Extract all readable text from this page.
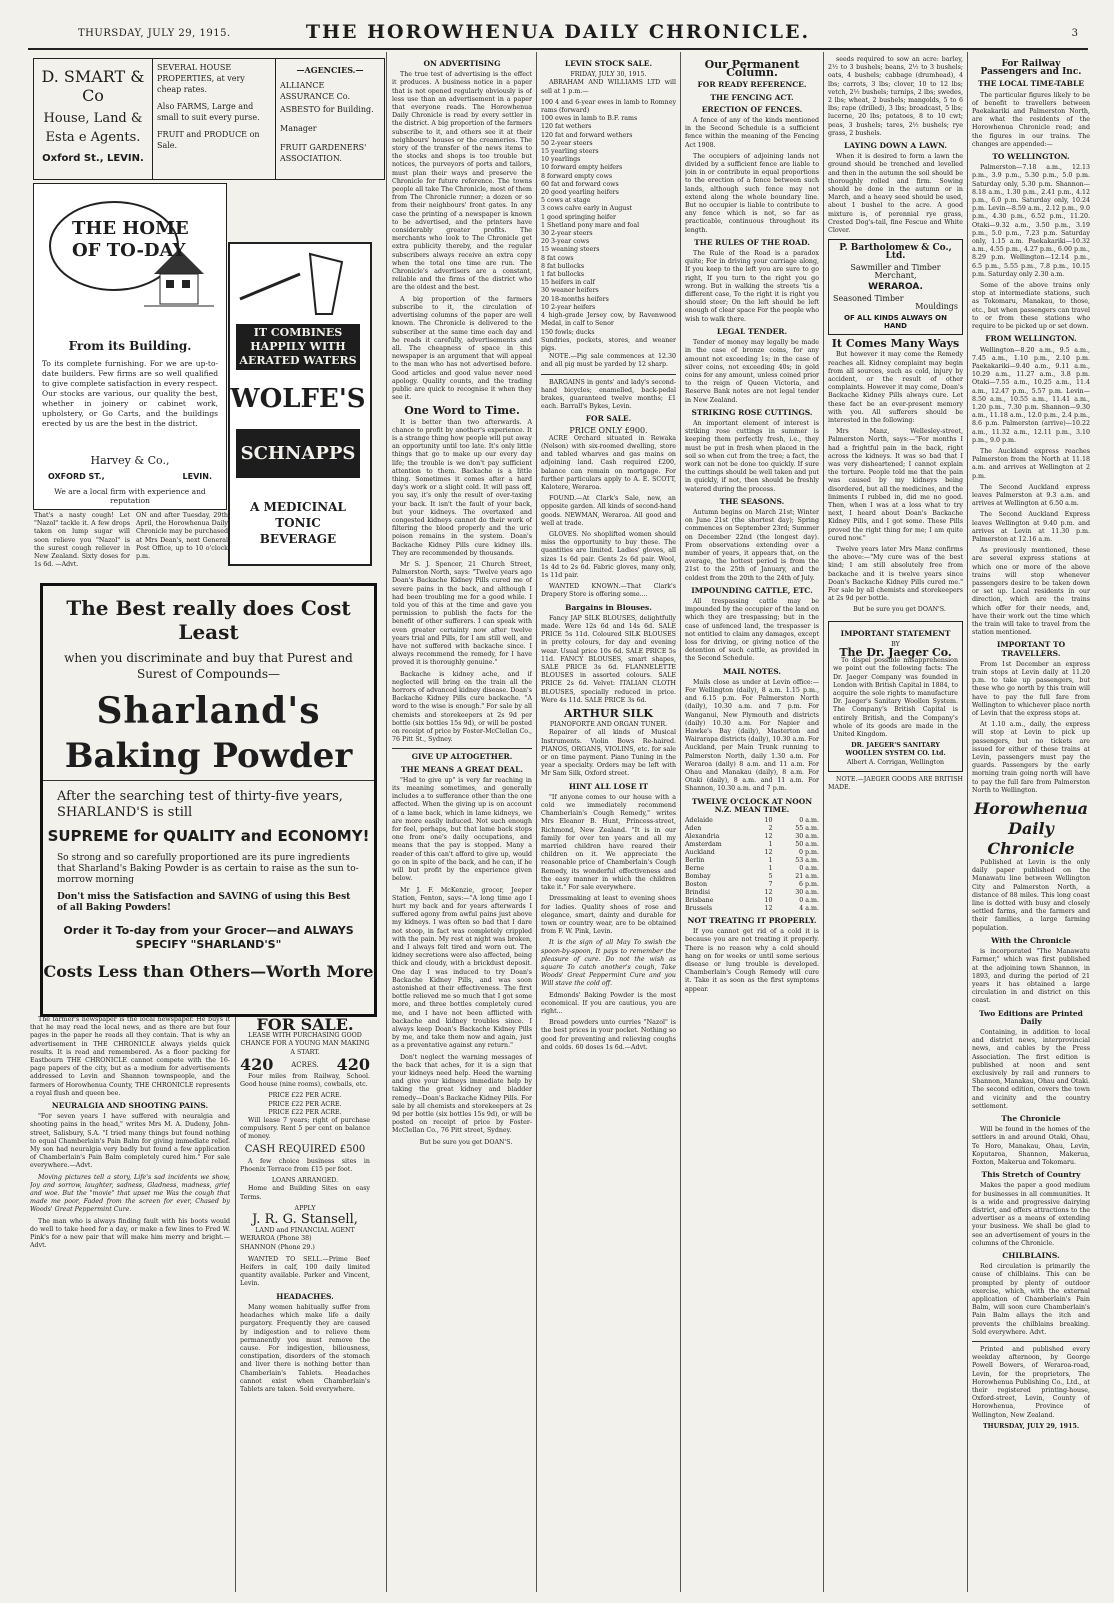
THURSDAY, JULY 29, 1915.	THE HOROWHENUA DAILY CHRONICLE.	3
D. SMART & Co
House, Land &
Esta e Agents.
Oxford St., LEVIN.
SEVERAL HOUSE PROPERTIES, at very cheap rates.
Also FARMS, Large and small to suit every purse.
FRUIT and PRODUCE on Sale.
—AGENCIES.—
ALLIANCE ASSURANCE Co.
ASBESTO for Building.
Manager
FRUIT GARDENERS' ASSOCIATION.
THE HOME
OF TO-DAY
From its Building.
To its complete furnishing. For we are up-to-date builders. Few firms are so well qualified to give complete satisfaction in every respect. Our stocks are various, our quality the best, whether in joinery or cabinet work, upholstery, or Go Carts, and the buildings erected by us are the best in the district.
Harvey & Co.,
OXFORD ST.,	LEVIN.
We are a local firm with experience and reputation
IT COMBINES HAPPILY WITH AERATED WATERS
WOLFE'S
SCHNAPPS
A MEDICINAL TONIC BEVERAGE
That's a nasty cough! Let "Nazol" tackle it. A few drops taken on lump sugar will soon relieve you "Nazol" is the surest cough reliever in New Zealand. Sixty doses for 1s 6d. —Advt.
ON and after Tuesday, 29th April, the Horowhenua Daily Chronicle may be purchased at Mrs Dean's, next General Post Office, up to 10 o'clock p.m.
The Best really does Cost Least
when you discriminate and buy that Purest and Surest of Compounds—
Sharland's
Baking Powder
After the searching test of thirty-five years, SHARLAND'S is still
SUPREME for QUALITY and ECONOMY!
So strong and so carefully proportioned are its pure ingredients that Sharland's Baking Powder is as certain to raise as the sun to-morrow morning
Don't miss the Satisfaction and SAVING of using this Best of all Baking Powders!
Order it To-day from your Grocer—and ALWAYS SPECIFY "SHARLAND'S"
Costs Less than Others—Worth More

The farmer's newspaper is the local newspaper. He buys it that he may read the local news, and as there are but four pages in the paper he reads all they contain. That is why an advertisement in THE CHRONICLE always yields quick results. It is read and remembered. As a floor packing for Eastbourn THE CHRONICLE cannot compete with the 16-page papers of the city, but as a medium for advertisements addressed to Levin and Shannon townspeople, and the farmers of Horowhenua County, THE CHRONICLE represents a royal flush and queen bee.

NEURALGIA AND SHOOTING PAINS.

"For seven years I have suffered with neuralgia and shooting pains in the head," writes Mrs M. A. Dudeny, John-street, Salisbury, S.A. "I tried many things but found nothing to equal Chamberlain's Pain Balm for giving immediate relief. My son had neuralgia very badly but found a few application of Chamberlain's Pain Balm completely cured him." For sale everywhere.—Advt.

Moving pictures tell a story, Life's sad incidents we show, Joy and sorrow, laughter, sadness, Gladness, madness, grief and woe. But the "movie" that upset me Was the cough that made me poor, Faded from the screen for ever, Chased by Woods' Great Peppermint Cure.

The man who is always finding fault with his boots would do well to take heed for a day, or make a few lines to Fred W. Pink's for a new pair that will make him merry and bright.—Advt.

FOR SALE.
LEASE WITH PURCHASING GOOD CHANCE FOR A YOUNG MAN MAKING A START.
420	ACRES. 420

Four miles from Railway, School. Good house (nine rooms), cowbails, etc.

PRICE £22 PER ACRE.
PRICE £22 PER ACRE.
PRICE £22 PER ACRE.

Will lease 7 years; right of purchase compulsory. Rent 5 per cent on balance of money.

CASH REQUIRED £500

A few choice business sites in Phoenix Terrace from £15 per foot.

LOANS ARRANGED.

Home and Building Sites on easy Terms.

APPLY
J. R. G. Stansell,
LAND and FINANCIAL AGENT
WERAROA (Phone 38)
SHANNON (Phone 29.)

WANTED TO SELL.—Prime Beef Heifers in calf, 100 daily limited quantity available. Parker and Vincent, Levin.

HEADACHES.

Many women habitually suffer from headaches which make life a daily purgatory. Frequently they are caused by indigestion and to relieve them permanently you must remove the cause. For indigestion, biliousness, constipation, disorders of the stomach and liver there is nothing better than Chamberlain's Tablets. Headaches cannot exist when Chamberlain's Tablets are taken. Sold everywhere.

ON ADVERTISING

The true test of advertising is the effect it produces. A business notice in a paper that is not opened regularly obviously is of less use than an advertisement in a paper that everyone reads. The Horowhenua Daily Chronicle is read by every settler in the district. A big proportion of the farmers subscribe to it, and others see it at their neighbours' houses or the creameries. The story of the transfer of the news items to the stocks and shops is too trouble but notices, the purveyors of ports and tailors, must plan their ways and preserve the Chronicle for future reference. The towns people all take The Chronicle, most of them from The Chronicle runner; a dozen or so from their neighbours' front gates. In any case the printing of a newspaper is known to be advertised, and the printers have considerably greater profits. The merchants who look to The Chronicle get extra publicity thereby, and the regular subscribers always receive an extra copy when the total one time are run. The Chronicle's advertisers are a constant, reliable and the firms of the district who are the oldest and the best.

A big proportion of the farmers subscribe to it, the circulation of advertising columns of the paper are well known. The Chronicle is delivered to the subscriber at the same time each day and he reads it carefully, advertisements and all. The cheapness of space in this newspaper is an argument that will appeal to the man who has not advertised before. Good articles and good value never need apology. Quality counts, and the trading public are quick to recognise it when they see it.

One Word to Time.

It is better than two afterwards. A chance to profit by another's experience. It is a strange thing how people will put away an opportunity until too late. It's only little things that go to make up our every day life; the trouble is we don't pay sufficient attention to them. Backache is a little thing. Sometimes it comes after a hard day's work or a slight cold. It will pass off, you say, it's only the result of over-taxing your back. It isn't the fault of your back, but your kidneys. The overtaxed and congested kidneys cannot do their work of filtering the blood properly and the uric poison remains in the system. Doan's Backache Kidney Pills cure kidney ills. They are recommended by thousands.

Mr S. J. Spencer, 21 Church Street, Palmerston North, says: "Twelve years ago Doan's Backache Kidney Pills cured me of severe pains in the back, and although I had been troubling me for a good while. I told you of this at the time and gave you permission to publish the facts for the benefit of other sufferers. I can speak with even greater certainty now after twelve years trial and Pills, for I am still well, and have not suffered with backache since. I always recommend the remedy, for I have proved it is thoroughly genuine."

Backache is kidney ache, and if neglected will bring on the train all the horrors of advanced kidney disease. Doan's Backache Kidney Pills cure backache. "A word to the wise is enough." For sale by all chemists and storekeepers at 2s 9d per bottle (six bottles 15s 9d), or will be posted on receipt of price by Foster-McClellan Co., 76 Pitt St., Sydney.

GIVE UP ALTOGETHER.
THE MEANS A GREAT DEAL.

"Had to give up" is very far reaching in its meaning sometimes, and generally includes a to sufferance other than the one affected. When the giving up is on account of a lame back, which in lame kidneys, we are more easily induced. Not such enough for feel, perhaps, but that lame back stops one from one's daily occupations, and means that the pay is stopped. Many a reader of this can't afford to give up, would go on in spite of the back, and he can, if he will but profit by the experience given below.

Mr J. F. McKenzie, grocer, Jeeper Station, Fenton, says:—"A long time ago I hurt my back and for years afterwards I suffered agony from awful pains just above my kidneys. I was often so bad that I dare not stoop, in fact was completely crippled with the pain. My rest at night was broken, and I always felt tired and worn out. The kidney secretions were also affected, being thick and cloudy, with a brickdust deposit. One day I was induced to try Doan's Backache Kidney Pills, and was soon astonished at their effectiveness. The first bottle relieved me so much that I got some more, and three bottles completely cured me, and I have not been afflicted with backache and kidney troubles since. I always keep Doan's Backache Kidney Pills by me, and take them now and again, just as a preventative against any return."

Don't neglect the warning messages of the back that aches, for it is a sign that your kidneys need help. Heed the warning and give your kidneys immediate help by taking the great kidney and bladder remedy—Doan's Backache Kidney Pills. For sale by all chemists and storekeepers at 2s 9d per bottle (six bottles 15s 9d), or will be posted on receipt of price by Foster-McClellan Co., 76 Pitt street, Sydney.

But be sure you get DOAN'S.

LEVIN STOCK SALE.
FRIDAY, JULY 30, 1915.

ABRAHAM AND WILLIAMS LTD will sell at 1 p.m.—

100 4 and 6-year ewes in lamb to Romney rams (forward)
100 ewes in lamb to B.F. rams
120 fat wethers
120 fat and forward wethers
50 2-year steers
15 yearling steers
10 yearlings
10 forward empty heifers
8 forward empty cows
60 fat and forward cows
20 good yearling heifers
5 cows at stage
3 cows calve early in August
1 good springing heifer
1 Shetland pony mare and foal
30 2-year steers
20 3-year cows
15 weaning steers
8 fat cows
8 fat bullocks
1 fat bullocks
15 heifers in calf
30 weaner heifers
20 18-months heifers
10 2-year heifers
4 high-grade Jersey cow, by Ravenwood Medal, in calf to Senor
150 fowls; ducks
Sundries, pockets, stores, and weaner pigs.

NOTE.—Pig sale commences at 12.30 and all pig must be yarded by 12 sharp.

BARGAINS in gents' and lady's second-hand bicycles; enamelled, back-pedal brakes, guaranteed twelve months; £1 each. Barrall's Bykes, Levin.

FOR SALE.
PRICE ONLY £900.

ACRE Orchard situated in Rewaka (Nelson) with six-roomed dwelling, store and tabled wharves and gas mains on adjoining land. Cash required £200, balance can remain on mortgage. For further particulars apply to A. E. SCOTT, Kalotere, Weraroa.

FOUND.—At Clark's Sale, new, an opposite garden. All kinds of second-hand goods. NEWMAN, Weraroa. All good and well at trade.

GLOVES. No shoplifted women should miss the opportunity to buy these. The quantities are limited. Ladies' gloves, all sizes 1s 6d pair. Gents 2s 6d pair. Wool, 1s 4d to 2s 6d. Fabric gloves, many only, 1s 11d pair.

WANTED KNOWN.—That Clark's Drapery Store is offering some....

Bargains in Blouses.

Fancy JAP SILK BLOUSES, delightfully made. Were 12s 6d and 14s 6d. SALE PRICE 5s 11d. Coloured SILK BLOUSES in pretty colours, for day and evening wear. Usual price 10s 6d. SALE PRICE 5s 11d. FANCY BLOUSES, smart shapes, SALE PRICE 3s 6d. FLANNELETTE BLOUSES in assorted colours. SALE PRICE 2s 6d. Velvet: ITALIAN CLOTH BLOUSES, specially reduced in price. Were 4s 11d. SALE PRICE 3s 6d.

ARTHUR SILK
PIANOFORTE AND ORGAN TUNER.

Repairer of all kinds of Musical Instruments. Violin Bows Re-haired. PIANOS, ORGANS, VIOLINS, etc. for sale or on time payment. Piano Tuning in the year a specialty. Orders may be left with Mr Sam Silk, Oxford street.

HINT ALL LOSE IT

"If anyone comes to our house with a cold we immediately recommend Chamberlain's Cough Remedy," writes Mrs Eleanor B. Hunt, Princess-street, Richmond, New Zealand. "It is in our family for over ten years and all my married children have reared their children on it. We appreciate the reasonable price of Chamberlain's Cough Remedy, its wonderful effectiveness and the easy manner in which the children take it." For sale everywhere.

Dressmaking at least to evening shoes for ladies. Quality shoes of rose and elegance, smart, dainty and durable for town or country wear, are to be obtained from F. W. Pink, Levin.

It is the sign of all May To swish the spoon-by-spoon, It pays to remember the pleasure of cure. Do not the wish as square To catch another's cough, Take Woods' Great Peppermint Cure and you Will stave the cold off.

Edmonds' Baking Powder is the most economical. If you are cautious, you are right...

Bread powders unto curries "Nazol" is the best prices in your pocket. Nothing so good for preventing and relieving coughs and colds. 60 doses 1s 6d.—Advt.

Our Permanent Column.
FOR READY REFERENCE.
THE FENCING ACT.
ERECTION OF FENCES.

A fence of any of the kinds mentioned in the Second Schedule is a sufficient fence within the meaning of the Fencing Act 1908.

The occupiers of adjoining lands not divided by a sufficient fence are liable to join in or contribute in equal proportions to the erection of a fence between such lands, although such fence may not extend along the whole boundary line. But no occupier is liable to contribute to any fence which is not, so far as practicable, continuous throughout its length.

THE RULES OF THE ROAD.

The Rule of the Road is a paradox quite; For in driving your carriage along, If you keep to the left you are sure to go right, If you turn to the right you go wrong. But in walking the streets 'tis a different case, To the right it is right you should steer; On the left should be left enough of clear space For the people who wish to walk there.

LEGAL TENDER.

Tender of money may legally be made in the case of bronze coins, for any amount not exceeding 1s; in the case of silver coins, not exceeding 40s; in gold coins for any amount, unless coined prior to the reign of Queen Victoria, and Reserve Bank notes are not legal tender in New Zealand.

STRIKING ROSE CUTTINGS.

An important element of interest is striking rose cuttings in summer is keeping them perfectly fresh, i.e., they must be put in fresh when placed in the soil so when cut from the tree; a fact, the work can not be done too quickly. If sure the cuttings should be well taken and put in quickly, if not, then should be freshly watered during the process.

THE SEASONS.

Autumn begins on March 21st; Winter on June 21st (the shortest day); Spring commences on September 23rd; Summer on December 22nd (the longest day). From observations extending over a number of years, it appears that, on the average, the hottest period is from the 21st to the 25th of January, and the coldest from the 20th to the 24th of July.

IMPOUNDING CATTLE, ETC.

All trespassing cattle may be impounded by the occupier of the land on which they are trespassing; but in the case of unfenced land, the trespasser is not entitled to claim any damages, except loss for driving, or giving notice of the detention of such cattle, as provided in the Second Schedule.

MAIL NOTES.

Mails close as under at Levin office:— For Wellington (daily), 8 a.m. 1.15 p.m., and 6.15 p.m. For Palmerston North (daily), 10.30 a.m. and 7 p.m. For Wanganui, New Plymouth and districts (daily) 10.30 a.m. For Napier and Hawke's Bay (daily), Masterton and Wairarapa districts (daily), 10.30 a.m. For Auckland, per Main Trunk running to Palmerston North, daily 1.30 a.m. For Weraroa (daily) 8 a.m. and 11 a.m. For Ohau and Manakau (daily), 8 a.m. For Otaki (daily), 8 a.m. and 11 a.m. For Shannon, 10.30 a.m. and 7 p.m.

TWELVE O'CLOCK AT NOON N.Z. MEAN TIME.
Adelaide	10	0 a.m.
Aden	2	55 a.m.
Alexandria	12	30 a.m.
Amsterdam	1	50 a.m.
Auckland	12	0 p.m.
Berlin	1	53 a.m.
Berne	1	0 a.m.
Bombay	5	21 a.m.
Boston	7	6 p.m.
Brindisi	12	30 a.m.
Brisbane	10	0 a.m.
Brussels	12	4 a.m.
NOT TREATING IT PROPERLY.

If you cannot get rid of a cold it is because you are not treating it properly. There is no reason why a cold should hang on for weeks or until some serious disease or lung trouble is developed. Chamberlain's Cough Remedy will cure it. Take it as soon as the first symptoms appear.

seeds required to sow an acre: barley, 2½ to 3 bushels; beans, 2½ to 3 bushels; oats, 4 bushels; cabbage (drumhead), 4 lbs; carrots, 3 lbs; clover, 10 to 12 lbs; vetch, 2½ bushels; turnips, 2 lbs; swedes, 2 lbs; wheat, 2 bushels; mangolds, 5 to 6 lbs; rape (drilled), 3 lbs; broadcast, 5 lbs; lucerne, 20 lbs; potatoes, 8 to 10 cwt; peas, 3 bushels; tares, 2½ bushels; rye grass, 2 bushels.

LAYING DOWN A LAWN.

When it is desired to form a lawn the ground should be trenched and levelled and then in the autumn the soil should be thoroughly rolled and firm. Sowing should be done in the autumn or in March, and a heavy seed should be used, about 1 bushel to the acre. A good mixture is, of perennial rye grass, Crested Dog's-tail, fine Fescue and White Clover.

P. Bartholomew & Co., Ltd.
Sawmiller and Timber Merchant,
WERAROA.
Seasoned Timber
Mouldings
OF ALL KINDS ALWAYS ON HAND
It Comes Many Ways

But however it may come the Remedy reaches all. Kidney complaint may begin from all sources, such as cold, injury by accident, or the result of other complaints. However it may come, Doan's Backache Kidney Pills always cure. Let these fact be an ever-present memory with you. All sufferers should be interested in the following:

Mrs Manz, Wellesley-street, Palmerston North, says:—"For months I had a frightful pain in the back, right across the kidneys. It was so bad that I was very disheartened; I cannot explain the torture. People told me that the pain was caused by my kidneys being disordered, but all the medicines, and the liniments I rubbed in, did me no good. Then, when I was at a loss what to try next, I heard about Doan's Backache Kidney Pills, and I got some. These Pills proved the right thing for me; I am quite cured now."

Twelve years later Mrs Manz confirms the above:—"My cure was of the best kind; I am still absolutely free from backache and it is twelve years since Doan's Backache Kidney Pills cured me." For sale by all chemists and storekeepers at 2s 9d per bottle.

But be sure you get DOAN'S.

IMPORTANT STATEMENT
BY
The Dr. Jaeger Co.

To dispel possible misapprehension we point out the following facts: The Dr. Jaeger Company was founded in London with British Capital in 1884, to acquire the sole rights to manufacture Dr. Jaeger's Sanitary Woollen System. The Company's British Capital is entirely British, and the Company's whole of its goods are made in the United Kingdom.

DR. JAEGER'S SANITARY WOOLLEN SYSTEM CO. Ltd.
Albert A. Corrigan, Wellington

NOTE.—JAEGER GOODS ARE BRITISH MADE.

For Railway Passengers and Inc.
THE LOCAL TIME-TABLE

The particular figures likely to be of benefit to travellers between Paekakariki and Palmerston North, are what the residents of the Horowhenua Chronicle read; and the figures in our trains. The changes are appended:—

TO WELLINGTON.

Palmerston—7.18 a.m., 12.13 p.m., 3.9 p.m., 5.30 p.m., 5.0 p.m. Saturday only, 5.30 p.m. Shannon—8.18 a.m., 1.30 p.m., 2.41 p.m., 4.12 p.m., 6.0 p.m. Saturday only, 10.24 p.m. Levin—8.59 a.m., 2.12 p.m., 9.0 p.m., 4.30 p.m., 6.52 p.m., 11.20. Otaki—9.32 a.m., 3.50 p.m., 3.19 p.m., 5.0 p.m., 7.23 p.m. Saturday only, 1.15 a.m. Paekakariki—10.32 a.m., 4.55 p.m., 4.27 p.m., 6.00 p.m., 8.29 p.m. Wellington—12.14 p.m., 6.5 p.m., 5.55 p.m., 7.8 p.m., 10.15 p.m. Saturday only 2.30 a.m.

Some of the above trains only stop at intermediate stations, such as Tokomaru, Manakau, to those, etc., but when passengers can travel to or from these stations who require to be picked up or set down.

FROM WELLINGTON.

Wellington—8.20 a.m., 9.5 a.m., 7.45 a.m., 1.10 p.m., 2.10 p.m. Paekakariki—9.40 a.m., 9.11 a.m., 10.29 a.m., 11.27 a.m., 3.8 p.m. Otaki—7.55 a.m., 10.25 a.m., 11.4 a.m., 12.47 p.m., 5.57 p.m. Levin—8.50 a.m., 10.55 a.m., 11.41 a.m., 1.20 p.m., 7.30 p.m. Shannon—9.30 a.m., 11.18 a.m., 12.0 p.m., 2.4 p.m., 8.6 p.m. Palmerston (arrive)—10.22 a.m., 11.32 a.m., 12.11 p.m., 3.10 p.m., 9.0 p.m.

The Auckland express reaches Palmerston from the North at 11.18 a.m. and arrives at Wellington at 2 p.m.

The Second Auckland express leaves Palmerston at 9.3 a.m. and arrives at Wellington at 6.50 a.m.

The Second Auckland Express leaves Wellington at 9.40 p.m. and arrives at Levin at 11.30 p.m. Palmerston at 12.16 a.m.

As previously mentioned, these are several express stations at which one or more of the above trains will stop whenever passengers desire to be taken down or set up. Local residents in our direction, which are the trains which offer for their needs, and, have their work out the time which the train will take to travel from the station mentioned.

IMPORTANT TO TRAVELLERS.

From 1st December an express train stops at Levin daily at 11.20 p.m. to take up passengers, but these who go north by this train will have to pay the full fare from Wellington to whichever place north of Levin that the express stops at.

At 1.10 a.m., daily, the express will stop at Levin to pick up passengers, but no tickets are issued for either of these trains at Levin, passengers must pay the guards. Passengers by the early morning train going north will have to pay the full fare from Palmerston North to Wellington.

Horowhenua
Daily
Chronicle

Published at Levin is the only daily paper published on the Manawatu line between Wellington City and Palmerston North, a distance of 88 miles. This long coast line is dotted with busy and closely settled farms, and the farmers and their families, a large farming population.

With the Chronicle

is incorporated "The Manawatu Farmer," which was first published at the adjoining town Shannon, in 1893, and during the period of 21 years it has obtained a large circulation in and district on this coast.

Two Editions are Printed Daily

Containing, in addition to local and district news, interprovincial news, and cables by the Press Association. The first edition is published at noon and sent exclusively by rail and runners to Shannon, Manakau, Ohau and Otaki. The second edition, covers the town and vicinity and the country settlement.

The Chronicle

Will be found in the homes of the settlers in and around Otaki, Ohau, Te Horo, Manakau, Ohau, Levin, Koputaroa, Shannon, Makerua, Foxton, Makerua and Tokomaru.

This Stretch of Country

Makes the paper a good medium for businesses in all communities. It is a wide and progressive dairying district, and offers attractions to the advertiser as a means of extending your business. We shall be glad to see an advertisement of yours in the columns of the Chronicle.

CHILBLAINS.

Red circulation is primarily the cause of chilblains. This can be prompted by plenty of outdoor exercise, which, with the external application of Chamberlain's Pain Balm, will soon cure Chamberlain's Pain Balm allays the itch and prevents the chilblains breaking. Sold everywhere. Advt.

Printed and published every weekday afternoon, by George Powell Bowers, of Weraroa-road, Levin, for the proprietors, The Horowhenua Publishing Co., Ltd., at their registered printing-house, Oxford-street, Levin, County of Horowhenua, Province of Wellington, New Zealand.

THURSDAY, JULY 29, 1915.
